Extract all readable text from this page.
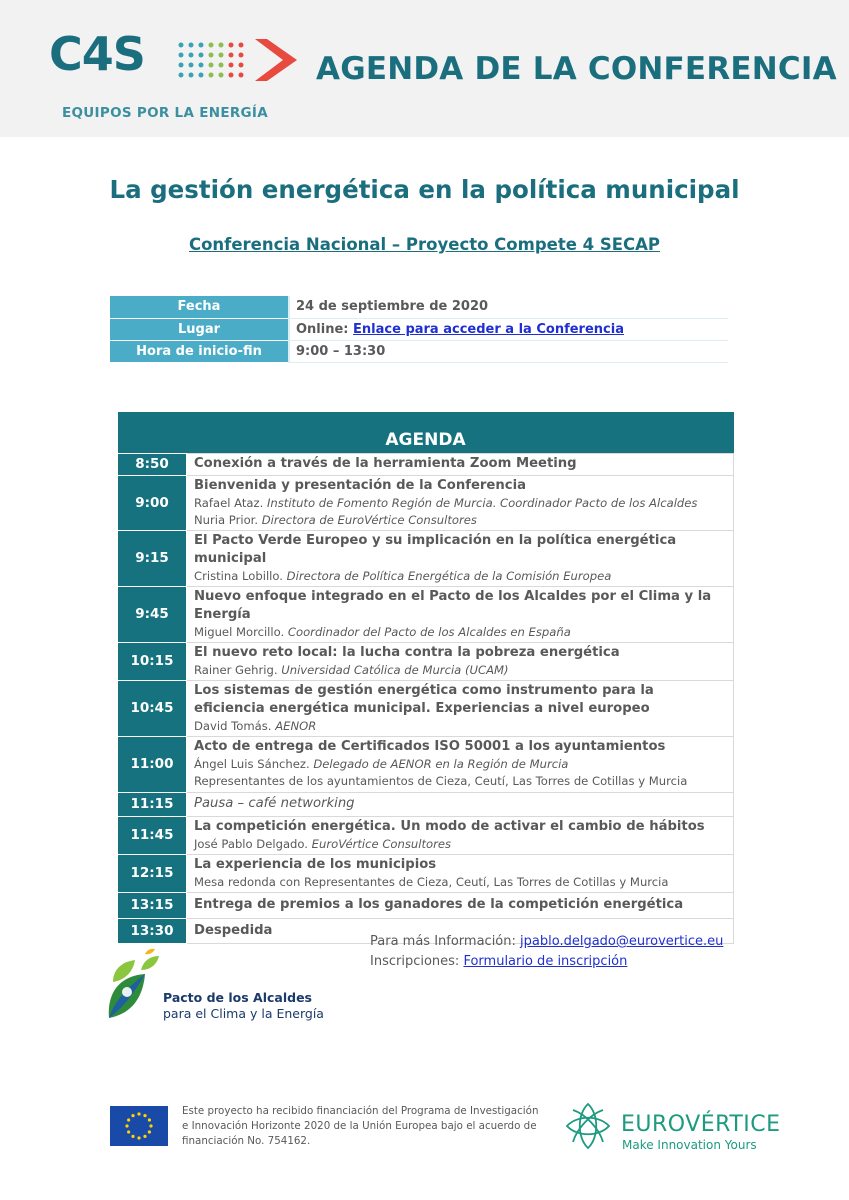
C4S
EQUIPOS POR LA ENERGÍA
AGENDA DE LA CONFERENCIA
La gestión energética en la política municipal
Conferencia Nacional – Proyecto Compete 4 SECAP
Fecha	24 de septiembre de 2020
Lugar	Online: Enlace para acceder a la Conferencia
Hora de inicio-fin	9:00 – 13:30
AGENDA	
8:50	Conexión a través de la herramienta Zoom Meeting

9:00	Bienvenida y presentación de la Conferencia
Rafael Ataz. Instituto de Fomento Región de Murcia. Coordinador Pacto de los Alcaldes
Nuria Prior. Directora de EuroVértice Consultores

9:15	El Pacto Verde Europeo y su implicación en la política energética municipal
Cristina Lobillo. Directora de Política Energética de la Comisión Europea

9:45	Nuevo enfoque integrado en el Pacto de los Alcaldes por el Clima y la Energía
Miguel Morcillo. Coordinador del Pacto de los Alcaldes en España

10:15	El nuevo reto local: la lucha contra la pobreza energética
Rainer Gehrig. Universidad Católica de Murcia (UCAM)

10:45	Los sistemas de gestión energética como instrumento para la eficiencia energética municipal. Experiencias a nivel europeo
David Tomás. AENOR

11:00	Acto de entrega de Certificados ISO 50001 a los ayuntamientos
Ángel Luis Sánchez. Delegado de AENOR en la Región de Murcia
Representantes de los ayuntamientos de Cieza, Ceutí, Las Torres de Cotillas y Murcia

11:15	Pausa – café networking

11:45	La competición energética. Un modo de activar el cambio de hábitos
José Pablo Delgado. EuroVértice Consultores

12:15	La experiencia de los municipios
Mesa redonda con Representantes de Cieza, Ceutí, Las Torres de Cotillas y Murcia

13:15	Entrega de premios a los ganadores de la competición energética

13:30	Despedida
Para más Información: jpablo.delgado@eurovertice.eu
Inscripciones: Formulario de inscripción
Pacto de los Alcaldes
para el Clima y la Energía

Este proyecto ha recibido financiación del Programa de Investigación e Innovación Horizonte 2020 de la Unión Europea bajo el acuerdo de financiación No. 754162.

EUROVÉRTICE
Make Innovation Yours
